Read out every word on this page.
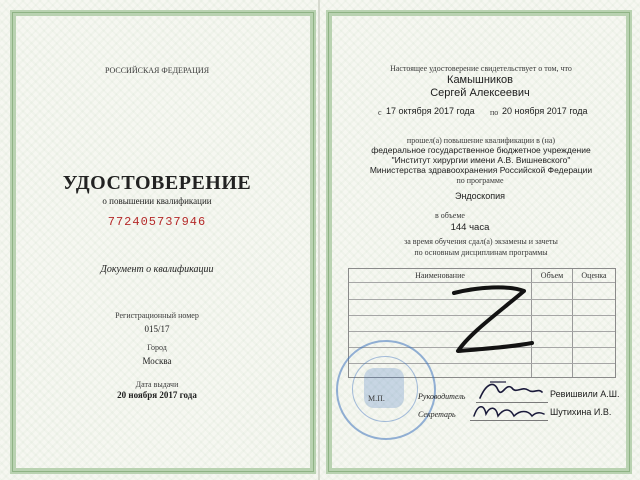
РОССИЙСКАЯ ФЕДЕРАЦИЯ
УДОСТОВЕРЕНИЕ
о повышении квалификации
772405737946
Документ о квалификации
Регистрационный номер
015/17
Город
Москва
Дата выдачи
20 ноября 2017 года
Настоящее удостоверение свидетельствует о том, что
Камышников
Сергей Алексеевич
с 17 октября 2017 года по 20 ноября 2017 года
прошел(а) повышение квалификации в (на)
федеральное государственное бюджетное учреждение
"Институт хирургии имени А.В. Вишневского"
Министерства здравоохранения Российской Федерации
по программе
Эндоскопия
в объеме
144 часа
за время обучения сдал(а) экзамены и зачеты
по основным дисциплинам программы
Наименование	Объем	Оценка
М.П.	Руководитель	Ревишвили А.Ш.
Секретарь	Шутихина И.В.
